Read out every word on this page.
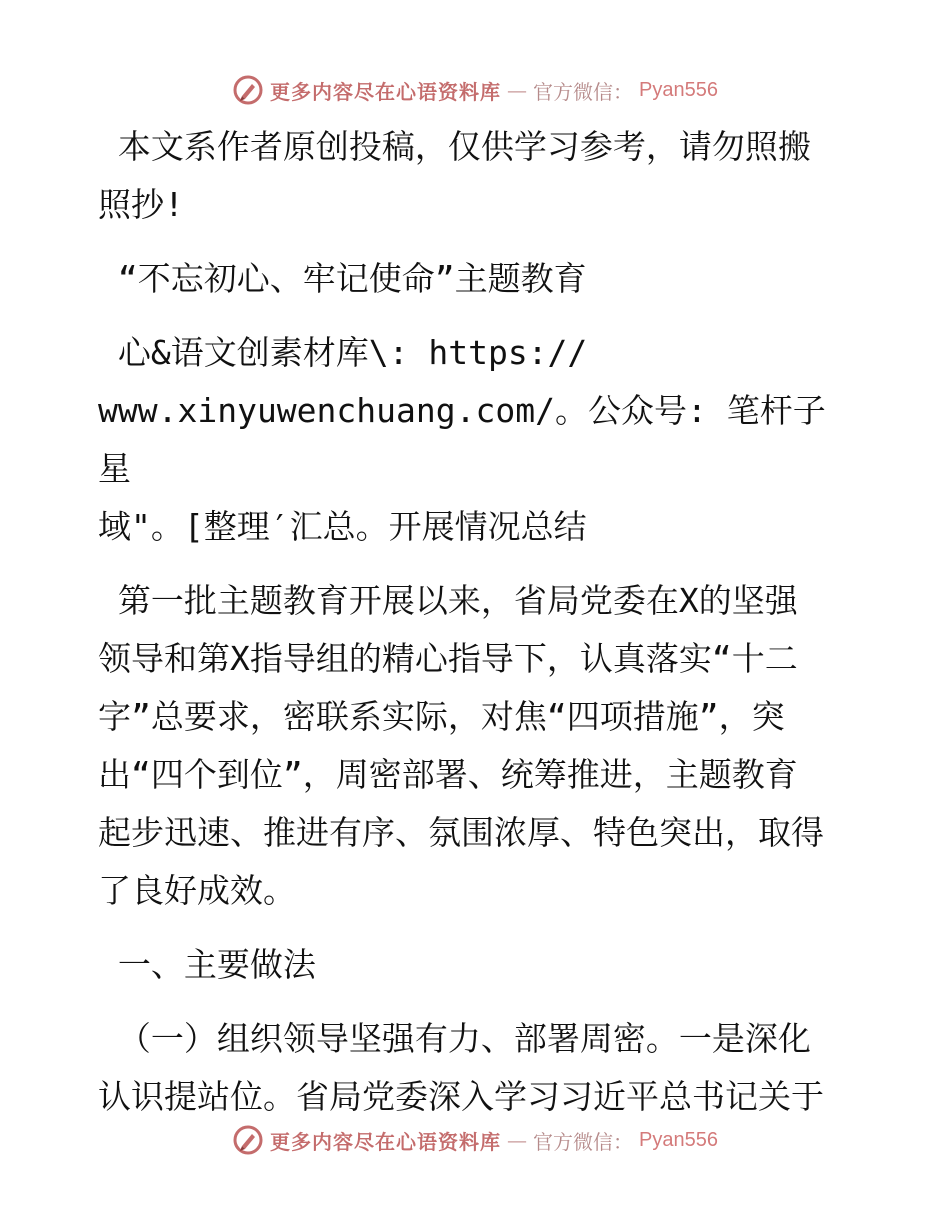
更多内容尽在心语资料库 — 官方微信： Pyan556

本文系作者原创投稿，仅供学习参考，请勿照搬

照抄!

“不忘初心、牢记使命”主题教育

心&语文创素材库\: https://

www.xinyuwenchuang.com/。公众号: 笔杆子星

域"。[整理′汇总。开展情况总结

第一批主题教育开展以来，省局党委在X的坚强

领导和第X指导组的精心指导下，认真落实“十二

字”总要求，密联系实际，对焦“四项措施”，突

出“四个到位”，周密部署、统筹推进，主题教育

起步迅速、推进有序、氛围浓厚、特色突出，取得

了良好成效。

一、主要做法

（一）组织领导坚强有力、部署周密。一是深化

认识提站位。省局党委深入学习习近平总书记关于

更多内容尽在心语资料库 — 官方微信： Pyan556
